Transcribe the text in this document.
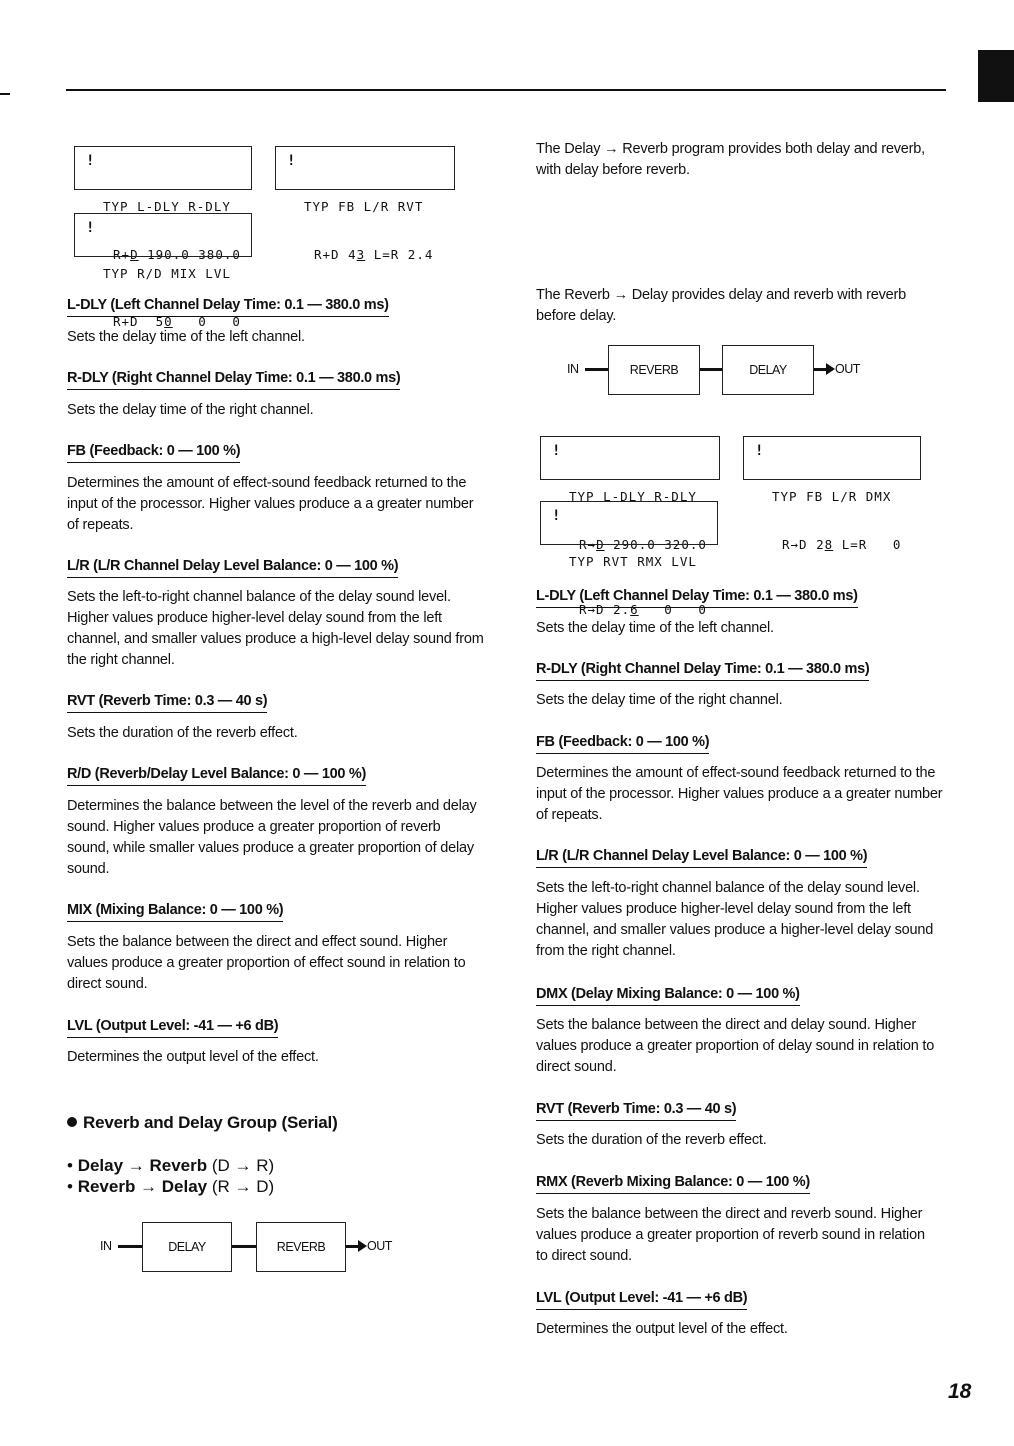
!

TYP L-DLY R-DLY

R+D 190.0 380.0

!

TYP FB L/R RVT

R+D 43 L=R 2.4

!

TYP R/D MIX LVL

R+D  50   0   0

L-DLY (Left Channel Delay Time: 0.1 — 380.0 ms)
Sets the delay time of the left channel.
R-DLY (Right Channel Delay Time: 0.1 — 380.0 ms)
Sets the delay time of the right channel.
FB (Feedback: 0 — 100 %)
Determines the amount of effect-sound feedback returned to the input of the processor. Higher values produce a a greater number of repeats.
L/R (L/R Channel Delay Level Balance: 0 — 100 %)
Sets the left-to-right channel balance of the delay sound level. Higher values produce higher-level delay sound from the left channel, and smaller values produce a high-level delay sound from the right channel.
RVT (Reverb Time: 0.3 — 40 s)
Sets the duration of the reverb effect.
R/D (Reverb/Delay Level Balance: 0 — 100 %)
Determines the balance between the level of the reverb and delay sound. Higher values produce a greater proportion of reverb sound, while smaller values produce a greater proportion of delay sound.
MIX (Mixing Balance: 0 — 100 %)
Sets the balance between the direct and effect sound. Higher values produce a greater proportion of effect sound in relation to direct sound.
LVL (Output Level: -41 — +6 dB)
Determines the output level of the effect.
Reverb and Delay Group (Serial)
• Delay → Reverb (D → R)
• Reverb → Delay (R → D)
IN	DELAY	REVERB	OUT
The Delay → Reverb program provides both delay and reverb, with delay before reverb.
The Reverb → Delay provides delay and reverb with reverb before delay.
IN	REVERB	DELAY	OUT

!

TYP L-DLY R-DLY

R→D 290.0 320.0

!

TYP FB L/R DMX

R→D 28 L=R   0

!

TYP RVT RMX LVL

R→D 2.6   0   0

L-DLY (Left Channel Delay Time: 0.1 — 380.0 ms)
Sets the delay time of the left channel.
R-DLY (Right Channel Delay Time: 0.1 — 380.0 ms)
Sets the delay time of the right channel.
FB (Feedback: 0 — 100 %)
Determines the amount of effect-sound feedback returned to the input of the processor. Higher values produce a a greater number of repeats.
L/R (L/R Channel Delay Level Balance: 0 — 100 %)
Sets the left-to-right channel balance of the delay sound level. Higher values produce higher-level delay sound from the left channel, and smaller values produce a higher-level delay sound from the right channel.
DMX (Delay Mixing Balance: 0 — 100 %)
Sets the balance between the direct and delay sound. Higher values produce a greater proportion of delay sound in relation to direct sound.
RVT (Reverb Time: 0.3 — 40 s)
Sets the duration of the reverb effect.
RMX (Reverb Mixing Balance: 0 — 100 %)
Sets the balance between the direct and reverb sound. Higher values produce a greater proportion of reverb sound in relation to direct sound.
LVL (Output Level: -41 — +6 dB)
Determines the output level of the effect.
18
